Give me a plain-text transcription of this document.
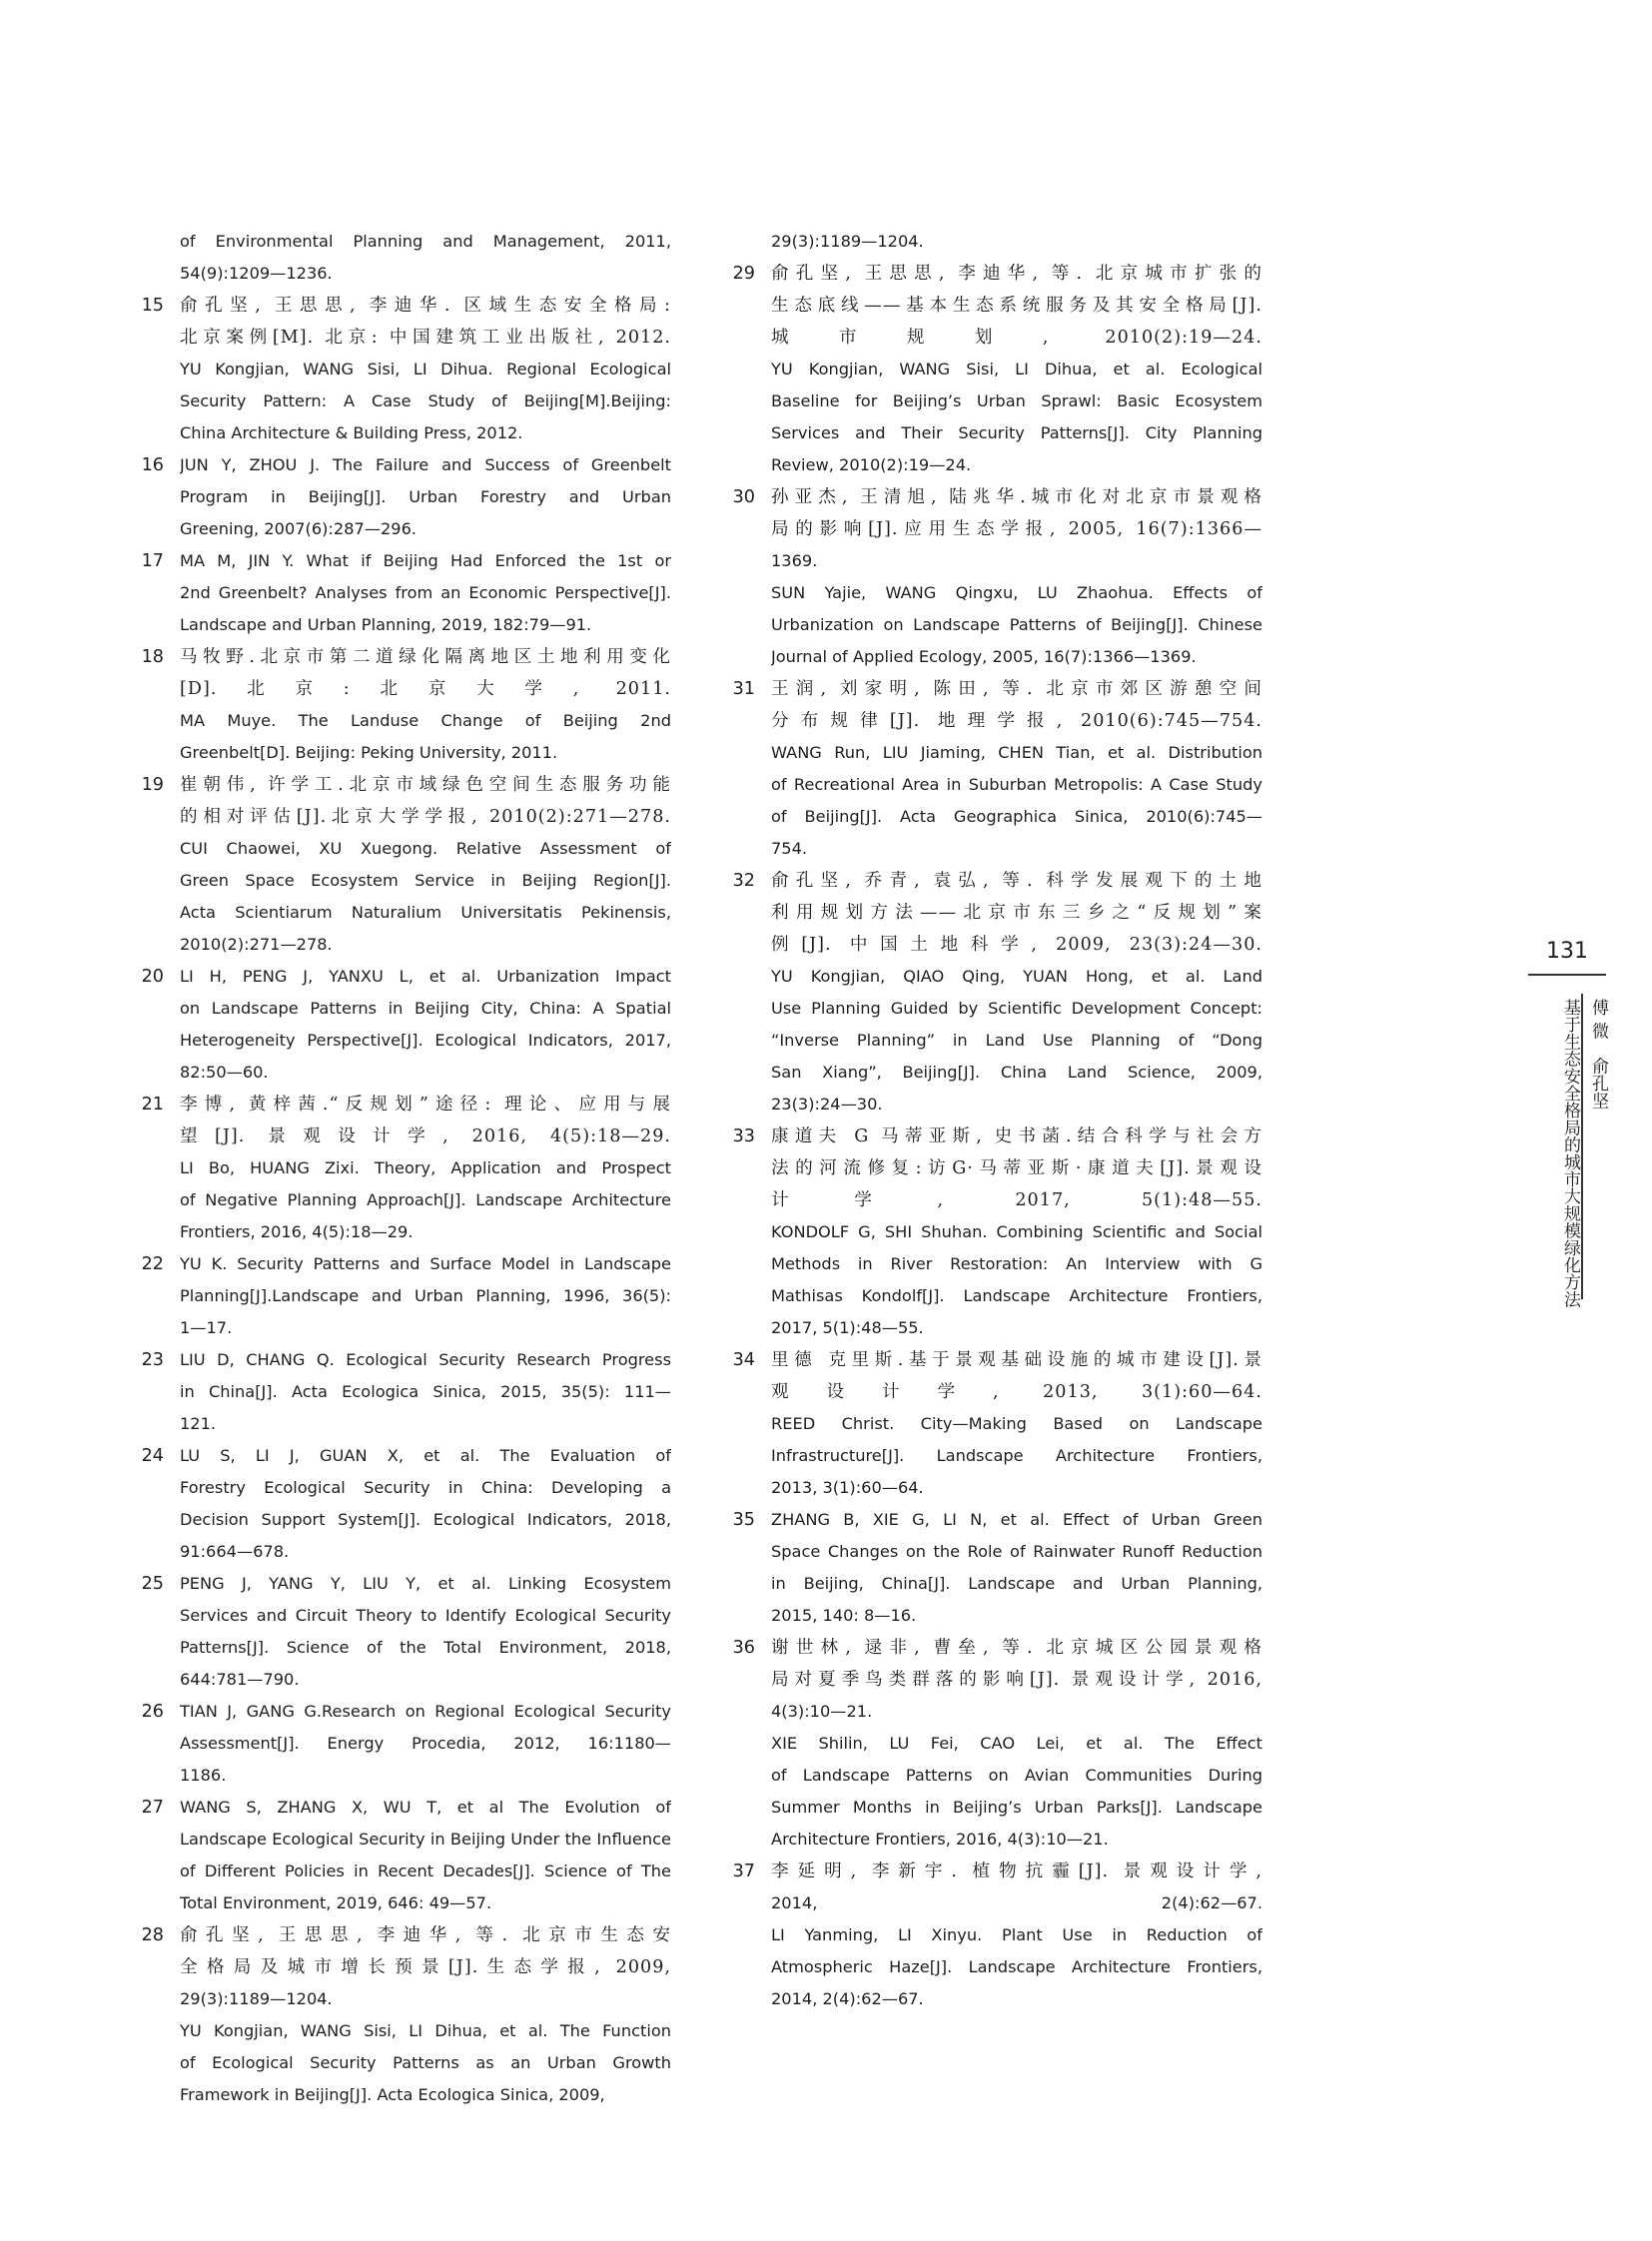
of Environmental Planning and Management, 2011,
54(9):1209—1236.
15 俞孔坚, 王思思, 李迪华. 区域生态安全格局:
北京案例[M]. 北京: 中国建筑工业出版社, 2012.
YU Kongjian, WANG Sisi, LI Dihua. Regional Ecological
Security Pattern: A Case Study of Beijing[M].Beijing:
China Architecture & Building Press, 2012.
16 JUN Y, ZHOU J. The Failure and Success of Greenbelt
Program in Beijing[J]. Urban Forestry and Urban
Greening, 2007(6):287—296.
17 MA M, JIN Y. What if Beijing Had Enforced the 1st or
2nd Greenbelt? Analyses from an Economic Perspective[J].
Landscape and Urban Planning, 2019, 182:79—91.
18 马牧野.北京市第二道绿化隔离地区土地利用变化
[D].北京:北京大学, 2011.
MA Muye. The Landuse Change of Beijing 2nd
Greenbelt[D]. Beijing: Peking University, 2011.
19 崔朝伟, 许学工.北京市域绿色空间生态服务功能
的相对评估[J].北京大学学报, 2010(2):271—278.
CUI Chaowei, XU Xuegong. Relative Assessment of
Green Space Ecosystem Service in Beijing Region[J].
Acta Scientiarum Naturalium Universitatis Pekinensis,
2010(2):271—278.
20 LI H, PENG J, YANXU L, et al. Urbanization Impact
on Landscape Patterns in Beijing City, China: A Spatial
Heterogeneity Perspective[J]. Ecological Indicators, 2017,
82:50—60.
21 李博, 黄梓茜.“反规划”途径: 理论、应用与展
望[J]. 景观设计学, 2016, 4(5):18—29.
LI Bo, HUANG Zixi. Theory, Application and Prospect
of Negative Planning Approach[J]. Landscape Architecture
Frontiers, 2016, 4(5):18—29.
22 YU K. Security Patterns and Surface Model in Landscape
Planning[J].Landscape and Urban Planning, 1996, 36(5):
1—17.
23 LIU D, CHANG Q. Ecological Security Research Progress
in China[J]. Acta Ecologica Sinica, 2015, 35(5): 111—
121.
24 LU S, LI J, GUAN X, et al. The Evaluation of
Forestry Ecological Security in China: Developing a
Decision Support System[J]. Ecological Indicators, 2018,
91:664—678.
25 PENG J, YANG Y, LIU Y, et al. Linking Ecosystem
Services and Circuit Theory to Identify Ecological Security
Patterns[J]. Science of the Total Environment, 2018,
644:781—790.
26 TIAN J, GANG G.Research on Regional Ecological Security
Assessment[J]. Energy Procedia, 2012, 16:1180—
1186.
27 WANG S, ZHANG X, WU T, et al The Evolution of
Landscape Ecological Security in Beijing Under the Influence
of Different Policies in Recent Decades[J]. Science of The
Total Environment, 2019, 646: 49—57.
28 俞孔坚, 王思思, 李迪华, 等. 北京市生态安
全格局及城市增长预景[J].生态学报, 2009,
29(3):1189—1204.
YU Kongjian, WANG Sisi, LI Dihua, et al. The Function
of Ecological Security Patterns as an Urban Growth
Framework in Beijing[J]. Acta Ecologica Sinica, 2009,
29(3):1189—1204.
29 俞孔坚, 王思思, 李迪华, 等. 北京城市扩张的
生态底线——基本生态系统服务及其安全格局[J].
城市规划, 2010(2):19—24.
YU Kongjian, WANG Sisi, LI Dihua, et al. Ecological
Baseline for Beijing’s Urban Sprawl: Basic Ecosystem
Services and Their Security Patterns[J]. City Planning
Review, 2010(2):19—24.
30 孙亚杰, 王清旭, 陆兆华.城市化对北京市景观格
局的影响[J].应用生态学报, 2005, 16(7):1366—
1369.
SUN Yajie, WANG Qingxu, LU Zhaohua. Effects of
Urbanization on Landscape Patterns of Beijing[J]. Chinese
Journal of Applied Ecology, 2005, 16(7):1366—1369.
31 王润, 刘家明, 陈田, 等. 北京市郊区游憩空间
分布规律[J]. 地理学报, 2010(6):745—754.
WANG Run, LIU Jiaming, CHEN Tian, et al. Distribution
of Recreational Area in Suburban Metropolis: A Case Study
of Beijing[J]. Acta Geographica Sinica, 2010(6):745—
754.
32 俞孔坚, 乔青, 袁弘, 等. 科学发展观下的土地
利用规划方法——北京市东三乡之“反规划”案
例[J]. 中国土地科学, 2009, 23(3):24—30.
YU Kongjian, QIAO Qing, YUAN Hong, et al. Land
Use Planning Guided by Scientific Development Concept:
“Inverse Planning” in Land Use Planning of “Dong
San Xiang”, Beijing[J]. China Land Science, 2009,
23(3):24—30.
33 康道夫 G 马蒂亚斯, 史书菡.结合科学与社会方
法的河流修复:访G·马蒂亚斯·康道夫[J].景观设
计学, 2017, 5(1):48—55.
KONDOLF G, SHI Shuhan. Combining Scientific and Social
Methods in River Restoration: An Interview with G
Mathisas Kondolf[J]. Landscape Architecture Frontiers,
2017, 5(1):48—55.
34 里德 克里斯.基于景观基础设施的城市建设[J].景
观设计学, 2013, 3(1):60—64.
REED Christ. City—Making Based on Landscape
Infrastructure[J]. Landscape Architecture Frontiers,
2013, 3(1):60—64.
35 ZHANG B, XIE G, LI N, et al. Effect of Urban Green
Space Changes on the Role of Rainwater Runoff Reduction
in Beijing, China[J]. Landscape and Urban Planning,
2015, 140: 8—16.
36 谢世林, 逯非, 曹垒, 等. 北京城区公园景观格
局对夏季鸟类群落的影响[J]. 景观设计学, 2016,
4(3):10—21.
XIE Shilin, LU Fei, CAO Lei, et al. The Effect
of Landscape Patterns on Avian Communities During
Summer Months in Beijing’s Urban Parks[J]. Landscape
Architecture Frontiers, 2016, 4(3):10—21.
37 李延明, 李新宇. 植物抗霾[J]. 景观设计学,
2014, 2(4):62—67.
LI Yanming, LI Xinyu. Plant Use in Reduction of
Atmospheric Haze[J]. Landscape Architecture Frontiers,
2014, 2(4):62—67.
131
傅 微　俞孔坚
基于生态安全格局的城市大规模绿化方法
